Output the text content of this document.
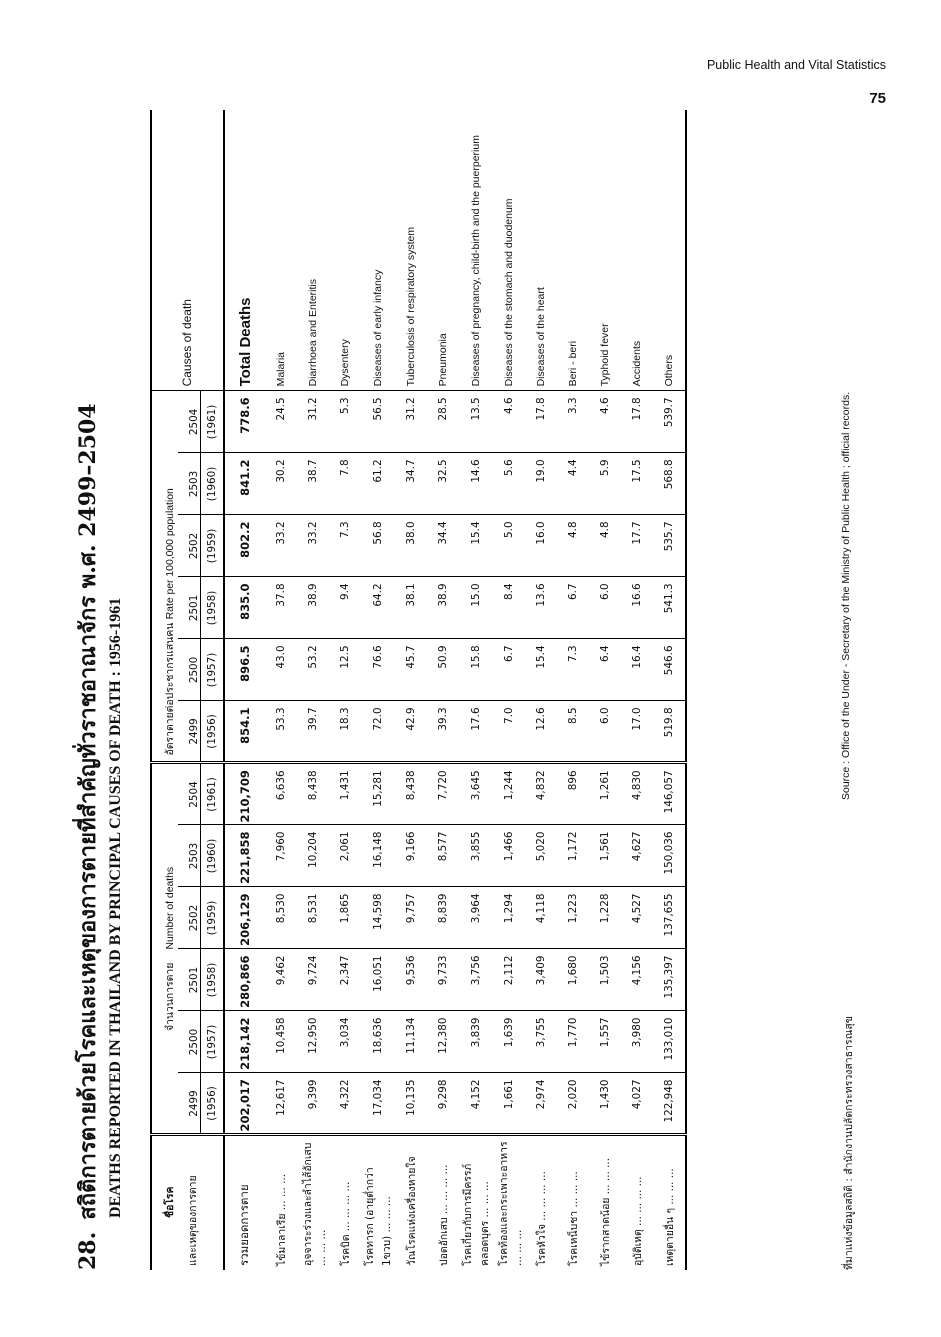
Public Health and Vital Statistics
75
28.สถิติการตายด้วยโรคและเหตุของการตายที่สำคัญทั่วราชอาณาจักร พ.ศ. 2499–2504 DEATHS REPORTED IN THAILAND BY PRINCIPAL CAUSES OF DEATH : 1956-1961	ชื่อโรค	จำนวนการตาย    Number of deaths						อัตราตายต่อประชากรแสนคน Rate per 100,000 population						Causes of death
และเหตุของการตาย	2499	2500	2501	2502	2503	2504	2499	2500	2501	2502	2503	2504	
	(1956)	(1957)	(1958)	(1959)	(1960)	(1961)	(1956)	(1957)	(1958)	(1959)	(1960)	(1961)	
รวมยอดการตาย	202,017	218,142	280,866	206,129	221,858	210,709	854.1	896.5	835.0	802.2	841.2	778.6	Total Deaths
ไข้มาลาเรีย ... ... ...	12,617	10,458	9,462	8,530	7,960	6,636	53.3	43.0	37.8	33.2	30.2	24.5	Malaria
อุจจาระร่วงและลำไส้อักเสบ ... ... ...	9,399	12,950	9,724	8,531	10,204	8,438	39.7	53.2	38.9	33.2	38.7	31.2	Diarrhoea and Enteritis
โรคบิด ... ... ... ...	4,322	3,034	2,347	1,865	2,061	1,431	18.3	12.5	9.4	7.3	7.8	5.3	Dysentery
โรคทารก (อายุต่ำกว่า 1ขวบ) ... ... ...	17,034	18,636	16,051	14,598	16,148	15,281	72.0	76.6	64.2	56.8	61.2	56.5	Diseases of early infancy
วัณโรคแห่งเครื่องหายใจ	10,135	11,134	9,536	9,757	9,166	8,438	42.9	45.7	38.1	38.0	34.7	31.2	Tuberculosis of respiratory system
ปอดอักเสบ ... ... ... ...	9,298	12,380	9,733	8,839	8,577	7,720	39.3	50.9	38.9	34.4	32.5	28.5	Pneumonia
โรคเกี่ยวกับการมีครรภ์ คลอดบุตร ... ... ...	4,152	3,839	3,756	3,964	3,855	3,645	17.6	15.8	15.0	15.4	14.6	13.5	Diseases of pregnancy, child-birth and the puerperium
โรคท้องและกระเพาะอาหาร ... ... ...	1,661	1,639	2,112	1,294	1,466	1,244	7.0	6.7	8.4	5.0	5.6	4.6	Diseases of the stomach and duodenum
โรคหัวใจ ... ... ... ...	2,974	3,755	3,409	4,118	5,020	4,832	12.6	15.4	13.6	16.0	19.0	17.8	Diseases of the heart
โรคเหน็บชา ... ... ...	2,020	1,770	1,680	1,223	1,172	896	8.5	7.3	6.7	4.8	4.4	3.3	Beri - beri
ไข้รากสาดน้อย ... ... ...	1,430	1,557	1,503	1,228	1,561	1,261	6.0	6.4	6.0	4.8	5.9	4.6	Typhoid fever
อุบัติเหตุ ... ... ... ...	4,027	3,980	4,156	4,527	4,627	4,830	17.0	16.4	16.6	17.7	17.5	17.8	Accidents
เหตุตายอื่น ๆ ... ... ...	122,948	133,010	135,397	137,655	150,036	146,057	519.8	546.6	541.3	535.7	568.8	539.7	Others
ที่มาแห่งข้อมูลสถิติ : สำนักงานปลัดกระทรวงสาธารณสุข
Source : Office of the Under - Secretary of the Ministry of Public Health ; official records.
